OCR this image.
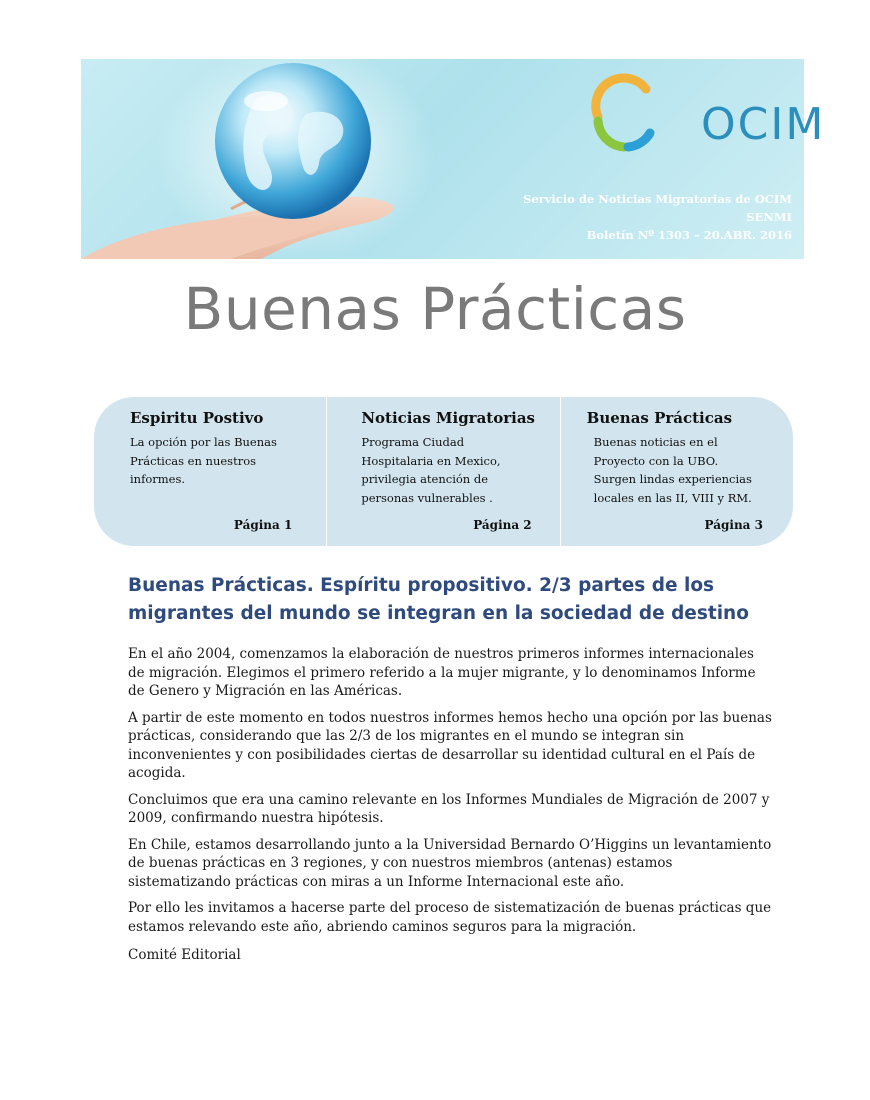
OCIM
Servicio de Noticias Migratorias de OCIM
SENMI
Boletín Nº 1303 – 20.ABR. 2016
Buenas Prácticas
Espiritu Postivo
La opción por las Buenas Prácticas en nuestros informes.
Página 1
Noticias Migratorias
Programa Ciudad Hospitalaria en Mexico, privilegia atención de personas vulnerables .
Página 2
Buenas Prácticas
Buenas noticias en el Proyecto con la UBO. Surgen lindas experiencias locales en las II, VIII y RM.
Página 3
Buenas Prácticas. Espíritu propositivo. 2/3 partes de los migrantes del mundo se integran en la sociedad de destino

En el año 2004, comenzamos la elaboración de nuestros primeros informes internacionales de migración. Elegimos el primero referido a la mujer migrante, y lo denominamos Informe de Genero y Migración en las Américas.

A partir de este momento en todos nuestros informes hemos hecho una opción por las buenas prácticas, considerando que las 2/3 de los migrantes en el mundo se integran sin inconvenientes y con posibilidades ciertas de desarrollar su identidad cultural en el País de acogida.

Concluimos que era una camino relevante en los Informes Mundiales de Migración de 2007 y 2009, confirmando nuestra hipótesis.

En Chile, estamos desarrollando junto a la Universidad Bernardo O’Higgins un levantamiento de buenas prácticas en 3 regiones, y con nuestros miembros (antenas) estamos sistematizando prácticas con miras a un Informe Internacional este año.

Por ello les invitamos a hacerse parte del proceso de sistematización de buenas prácticas que estamos relevando este año, abriendo caminos seguros para la migración.

Comité Editorial
